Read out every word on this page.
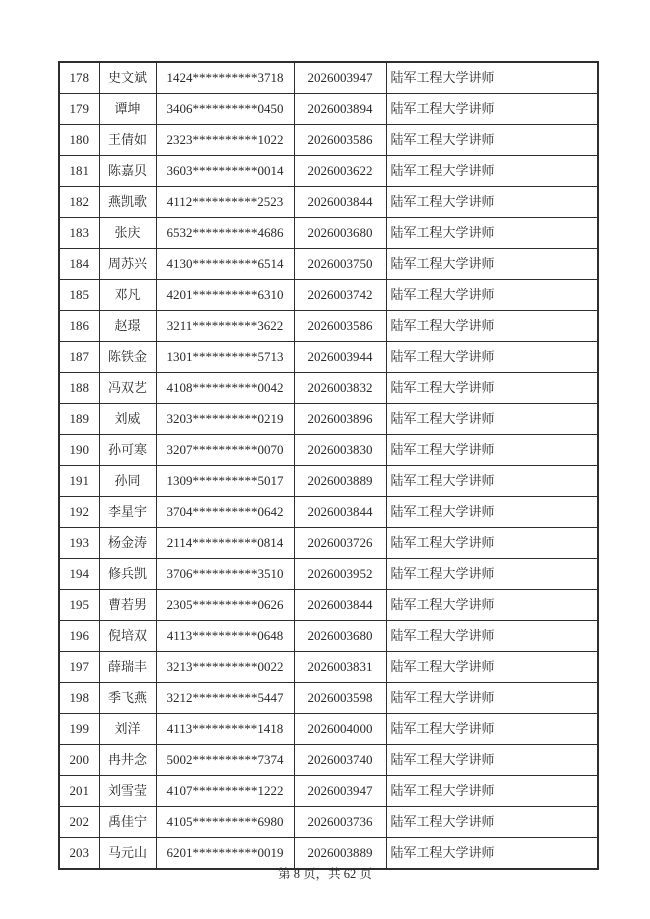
178	史文斌	1424**********3718	2026003947	陆军工程大学讲师
179	谭坤	3406**********0450	2026003894	陆军工程大学讲师
180	王倩如	2323**********1022	2026003586	陆军工程大学讲师
181	陈嘉贝	3603**********0014	2026003622	陆军工程大学讲师
182	燕凯歌	4112**********2523	2026003844	陆军工程大学讲师
183	张庆	6532**********4686	2026003680	陆军工程大学讲师
184	周苏兴	4130**********6514	2026003750	陆军工程大学讲师
185	邓凡	4201**********6310	2026003742	陆军工程大学讲师
186	赵璟	3211**********3622	2026003586	陆军工程大学讲师
187	陈铁金	1301**********5713	2026003944	陆军工程大学讲师
188	冯双艺	4108**********0042	2026003832	陆军工程大学讲师
189	刘威	3203**********0219	2026003896	陆军工程大学讲师
190	孙可寒	3207**********0070	2026003830	陆军工程大学讲师
191	孙同	1309**********5017	2026003889	陆军工程大学讲师
192	李星宇	3704**********0642	2026003844	陆军工程大学讲师
193	杨金涛	2114**********0814	2026003726	陆军工程大学讲师
194	修兵凯	3706**********3510	2026003952	陆军工程大学讲师
195	曹若男	2305**********0626	2026003844	陆军工程大学讲师
196	倪培双	4113**********0648	2026003680	陆军工程大学讲师
197	薛瑞丰	3213**********0022	2026003831	陆军工程大学讲师
198	季飞燕	3212**********5447	2026003598	陆军工程大学讲师
199	刘洋	4113**********1418	2026004000	陆军工程大学讲师
200	冉井念	5002**********7374	2026003740	陆军工程大学讲师
201	刘雪莹	4107**********1222	2026003947	陆军工程大学讲师
202	禹佳宁	4105**********6980	2026003736	陆军工程大学讲师
203	马元山	6201**********0019	2026003889	陆军工程大学讲师
第 8 页，共 62 页
